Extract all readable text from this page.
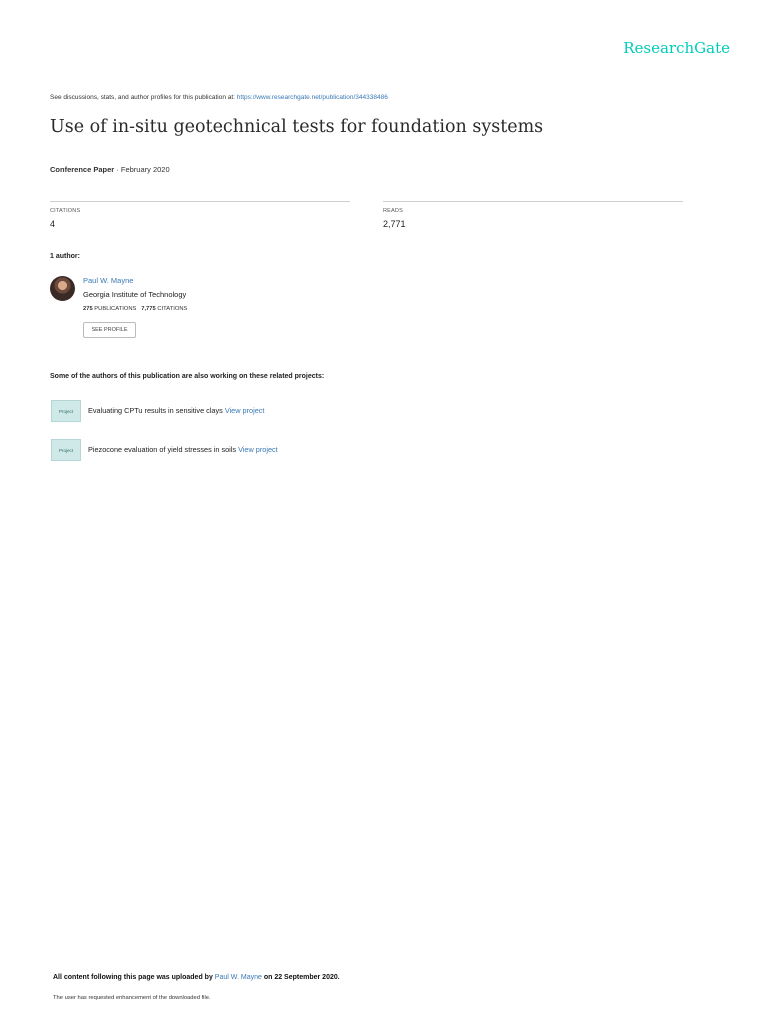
ResearchGate
See discussions, stats, and author profiles for this publication at: https://www.researchgate.net/publication/344338486
Use of in-situ geotechnical tests for foundation systems
Conference Paper · February 2020
CITATIONS
4
READS
2,771
1 author:
Paul W. Mayne
Georgia Institute of Technology
275 PUBLICATIONS   7,775 CITATIONS
SEE PROFILE
Some of the authors of this publication are also working on these related projects:
Project	Evaluating CPTu results in sensitive clays View project
Project	Piezocone evaluation of yield stresses in soils View project
All content following this page was uploaded by Paul W. Mayne on 22 September 2020.
The user has requested enhancement of the downloaded file.
